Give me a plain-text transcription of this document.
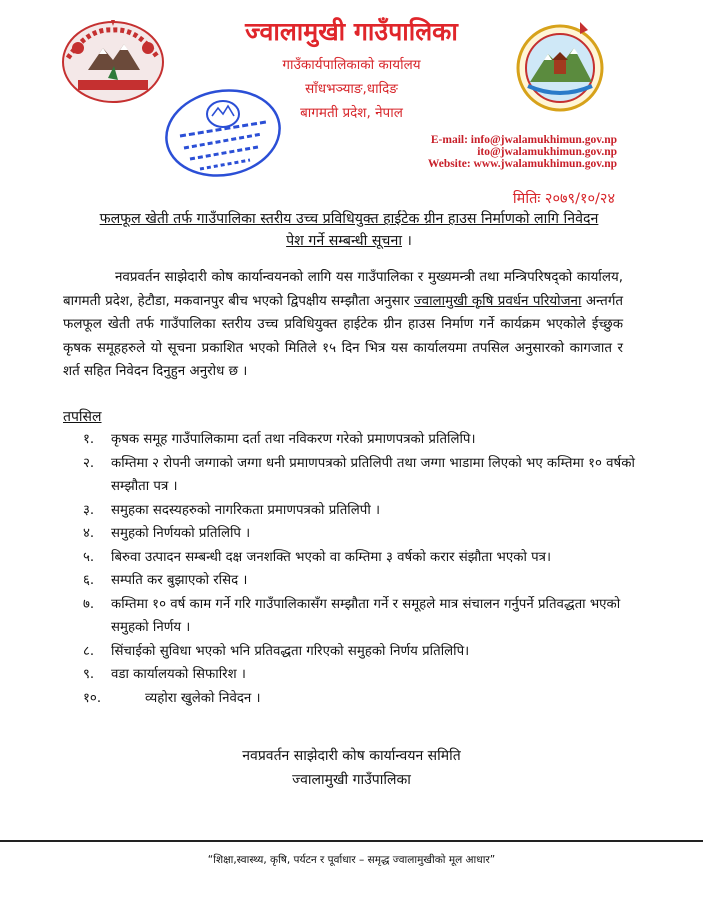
ज्वालामुखी गाउँपालिका
गाउँकार्यपालिकाको कार्यालय
साँधभञ्याङ,धादिङ
बागमती प्रदेश, नेपाल
E-mail: info@jwalamukhimun.gov.np
ito@jwalamukhimun.gov.np
Website: www.jwalamukhimun.gov.np
मितिः २०७९/१०/२४
फलफूल खेती तर्फ गाउँपालिका स्तरीय उच्च प्रविधियुक्त हाईटेक ग्रीन हाउस निर्माणको लागि निवेदन
पेश गर्ने सम्बन्धी सूचना ।
नवप्रवर्तन साझेदारी कोष कार्यान्वयनको लागि यस गाउँपालिका र मुख्यमन्त्री तथा मन्त्रिपरिषद्को कार्यालय, बागमती प्रदेश, हेटौडा, मकवानपुर बीच भएको द्विपक्षीय सम्झौता अनुसार ज्वालामुखी कृषि प्रवर्धन परियोजना अन्तर्गत फलफूल खेती तर्फ गाउँपालिका स्तरीय उच्च प्रविधियुक्त हाईटेक ग्रीन हाउस निर्माण गर्ने कार्यक्रम भएकोले ईच्छुक कृषक समूहहरुले यो सूचना प्रकाशित भएको मितिले १५ दिन भित्र यस कार्यालयमा तपसिल अनुसारको कागजात र शर्त सहित निवेदन दिनुहुन अनुरोध छ ।
तपसिल
१.	कृषक समूह गाउँपालिकामा दर्ता तथा नविकरण गरेको प्रमाणपत्रको प्रतिलिपि।
२.	कम्तिमा २ रोपनी जग्गाको जग्गा धनी प्रमाणपत्रको प्रतिलिपी तथा जग्गा भाडामा लिएको भए कम्तिमा १० वर्षको सम्झौता पत्र ।
३.	समुहका सदस्यहरुको नागरिकता प्रमाणपत्रको प्रतिलिपी ।
४.	समुहको निर्णयको प्रतिलिपि ।
५.	बिरुवा उत्पादन सम्बन्धी दक्ष जनशक्ति भएको वा कम्तिमा ३ वर्षको करार संझौता भएको पत्र।
६.	सम्पति कर बुझाएको रसिद ।
७.	कम्तिमा १० वर्ष काम गर्ने गरि गाउँपालिकासँग सम्झौता गर्ने र समूहले मात्र संचालन गर्नुपर्ने प्रतिवद्धता भएको समुहको निर्णय ।
८.	सिंचाईको सुविधा भएको भनि प्रतिवद्धता गरिएको समुहको निर्णय प्रतिलिपि।
९.	वडा कार्यालयको सिफारिश ।
१०.	व्यहोरा खुलेको निवेदन ।
नवप्रवर्तन साझेदारी कोष कार्यान्वयन समिति
ज्वालामुखी गाउँपालिका
“शिक्षा,स्वास्थ्य, कृषि, पर्यटन र पूर्वाधार – समृद्ध ज्वालामुखीको मूल आधार”
